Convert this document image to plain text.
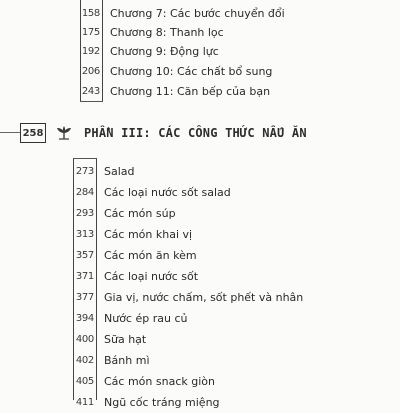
158 Chương 7: Các bước chuyển đổi
175 Chương 8: Thanh lọc
192 Chương 9: Động lực
206 Chương 10: Các chất bổ sung
243 Chương 11: Căn bếp của bạn
258	PHẦN III: CÁC CÔNG THỨC NẤU ĂN
273 Salad
284 Các loại nước sốt salad
293 Các món súp
313 Các món khai vị
357 Các món ăn kèm
371 Các loại nước sốt
377 Gia vị, nước chấm, sốt phết và nhân
394 Nước ép rau củ
400 Sữa hạt
402 Bánh mì
405 Các món snack giòn
411 Ngũ cốc tráng miệng
